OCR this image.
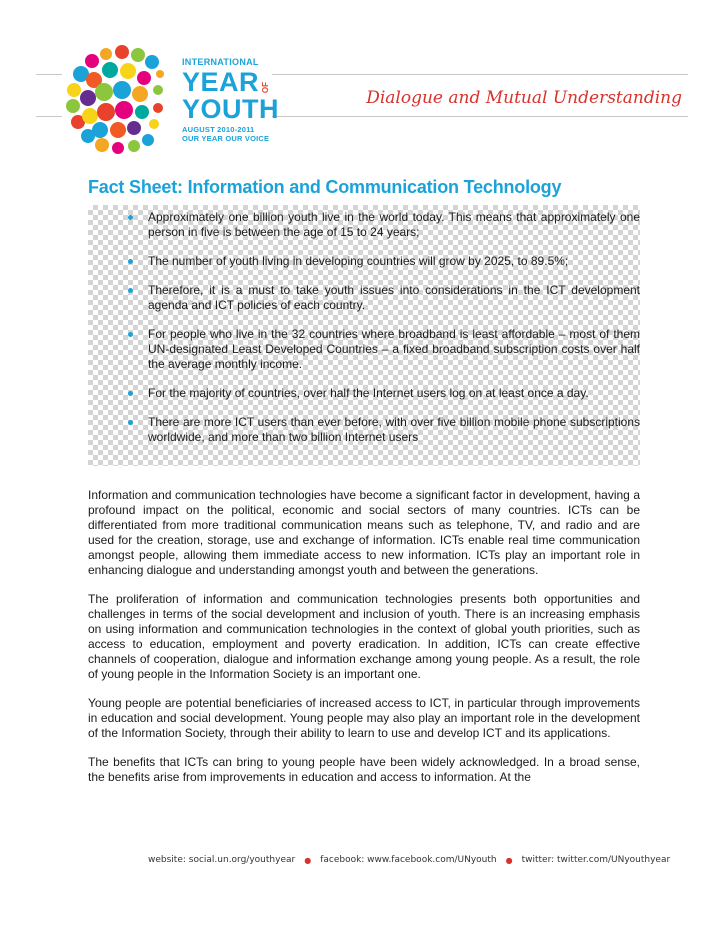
INTERNATIONAL
YEAR OF
YOUTH
AUGUST 2010-2011
OUR YEAR OUR VOICE
Dialogue and Mutual Understanding
Fact Sheet: Information and Communication Technology
Approximately one billion youth live in the world today. This means that approximately one person in five is between the age of 15 to 24 years;
The number of youth living in developing countries will grow by 2025, to 89.5%;
Therefore, it is a must to take youth issues into considerations in the ICT development agenda and ICT policies of each country.
For people who live in the 32 countries where broadband is least affordable – most of them UN-designated Least Developed Countries – a fixed broadband subscription costs over half the average monthly income.
For the majority of countries, over half the Internet users log on at least once a day.
There are more ICT users than ever before, with over five billion mobile phone subscriptions worldwide, and more than two billion Internet users

Information and communication technologies have become a significant factor in development, having a profound impact on the political, economic and social sectors of many countries. ICTs can be differentiated from more traditional communication means such as telephone, TV, and radio and are used for the creation, storage, use and exchange of information. ICTs enable real time communication amongst people, allowing them immediate access to new information. ICTs play an important role in enhancing dialogue and understanding amongst youth and between the generations.

The proliferation of information and communication technologies presents both opportunities and challenges in terms of the social development and inclusion of youth. There is an increasing emphasis on using information and communication technologies in the context of global youth priorities, such as access to education, employment and poverty eradication. In addition, ICTs can create effective channels of cooperation, dialogue and information exchange among young people. As a result, the role of young people in the Information Society is an important one.

Young people are potential beneficiaries of increased access to ICT, in particular through improvements in education and social development. Young people may also play an important role in the development of the Information Society, through their ability to learn to use and develop ICT and its applications.

The benefits that ICTs can bring to young people have been widely acknowledged. In a broad sense, the benefits arise from improvements in education and access to information. At the

website: social.un.org/youthyear ● facebook: www.facebook.com/UNyouth ● twitter: twitter.com/UNyouthyear
